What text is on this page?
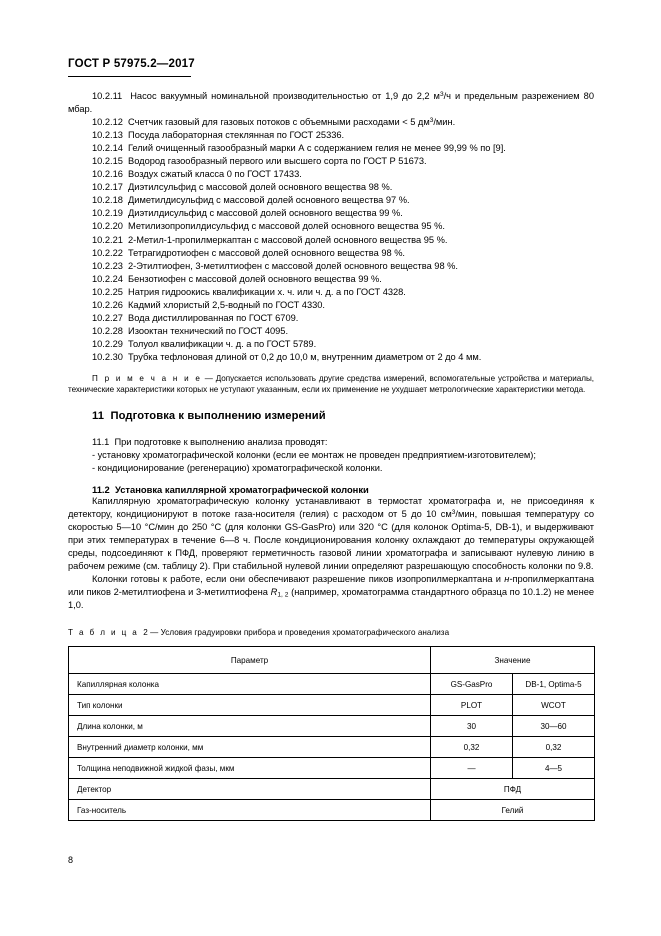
ГОСТ Р 57975.2—2017

10.2.11 Насос вакуумный номинальной производительностью от 1,9 до 2,2 $м^3/ч$ и предельным разрежением 80 мбар.

10.2.12 Счетчик газовый для газовых потоков с объемными расходами < 5 $дм^3$/мин.

10.2.13 Посуда лабораторная стеклянная по ГОСТ 25336.

10.2.14 Гелий очищенный газообразный марки А с содержанием гелия не менее 99,99 % по [9].

10.2.15 Водород газообразный первого или высшего сорта по ГОСТ Р 51673.

10.2.16 Воздух сжатый класса 0 по ГОСТ 17433.

10.2.17 Диэтилсульфид с массовой долей основного вещества 98 %.

10.2.18 Диметилдисульфид с массовой долей основного вещества 97 %.

10.2.19 Диэтилдисульфид с массовой долей основного вещества 99 %.

10.2.20 Метилизопропилдисульфид с массовой долей основного вещества 95 %.

10.2.21 2-Метил-1-пропилмеркаптан с массовой долей основного вещества 95 %.

10.2.22 Тетрагидротиофен с массовой долей основного вещества 98 %.

10.2.23 2-Этилтиофен, 3-метилтиофен с массовой долей основного вещества 98 %.

10.2.24 Бензотиофен с массовой долей основного вещества 99 %.

10.2.25 Натрия гидроокись квалификации х. ч. или ч. д. а по ГОСТ 4328.

10.2.26 Кадмий хлористый 2,5-водный по ГОСТ 4330.

10.2.27 Вода дистиллированная по ГОСТ 6709.

10.2.28 Изооктан технический по ГОСТ 4095.

10.2.29 Толуол квалификации ч. д. а по ГОСТ 5789.

10.2.30 Трубка тефлоновая длиной от 0,2 до 10,0 м, внутренним диаметром от 2 до 4 мм.

П р и м е ч а н и е — Допускается использовать другие средства измерений, вспомогательные устройства и материалы, технические характеристики которых не уступают указанным, если их применение не ухудшает метрологические характеристики метода.

11 Подготовка к выполнению измерений

11.1 При подготовке к выполнению анализа проводят:

- установку хроматографической колонки (если ее монтаж не проведен предприятием-изготовителем);

- кондиционирование (регенерацию) хроматографической колонки.

11.2 Установка капиллярной хроматографической колонки

Капиллярную хроматографическую колонку устанавливают в термостат хроматографа и, не присоединяя к детектору, кондиционируют в потоке газа-носителя (гелия) с расходом от 5 до 10 $см^3$/мин, повышая температуру со скоростью 5—10 °С/мин до 250 °С (для колонки GS-GasPro) или 320 °С (для колонок Optima-5, DB-1), и выдерживают при этих температурах в течение 6—8 ч. После кондиционирования колонку охлаждают до температуры окружающей среды, подсоединяют к ПФД, проверяют герметичность газовой линии хроматографа и записывают нулевую линию в рабочем режиме (см. таблицу 2). При стабильной нулевой линии определяют разрешающую способность колонки по 9.8.

Колонки готовы к работе, если они обеспечивают разрешение пиков изопропилмеркаптана и н-пропилмеркаптана или пиков 2-метилтиофена и 3-метилтиофена $R_{1, 2}$ (например, хроматограмма стандартного образца по 10.1.2) не менее 1,0.

Т а б л и ц а 2 — Условия градуировки прибора и проведения хроматографического анализа

Параметр	Значение	
Капиллярная колонка	GS-GasPro	DB-1, Optima-5
Тип колонки	PLOT	WCOT
Длина колонки, м	30	30—60
Внутренний диаметр колонки, мм	0,32	0,32
Толщина неподвижной жидкой фазы, мкм	—	4—5
Детектор	ПФД	
Газ-носитель	Гелий	
8
